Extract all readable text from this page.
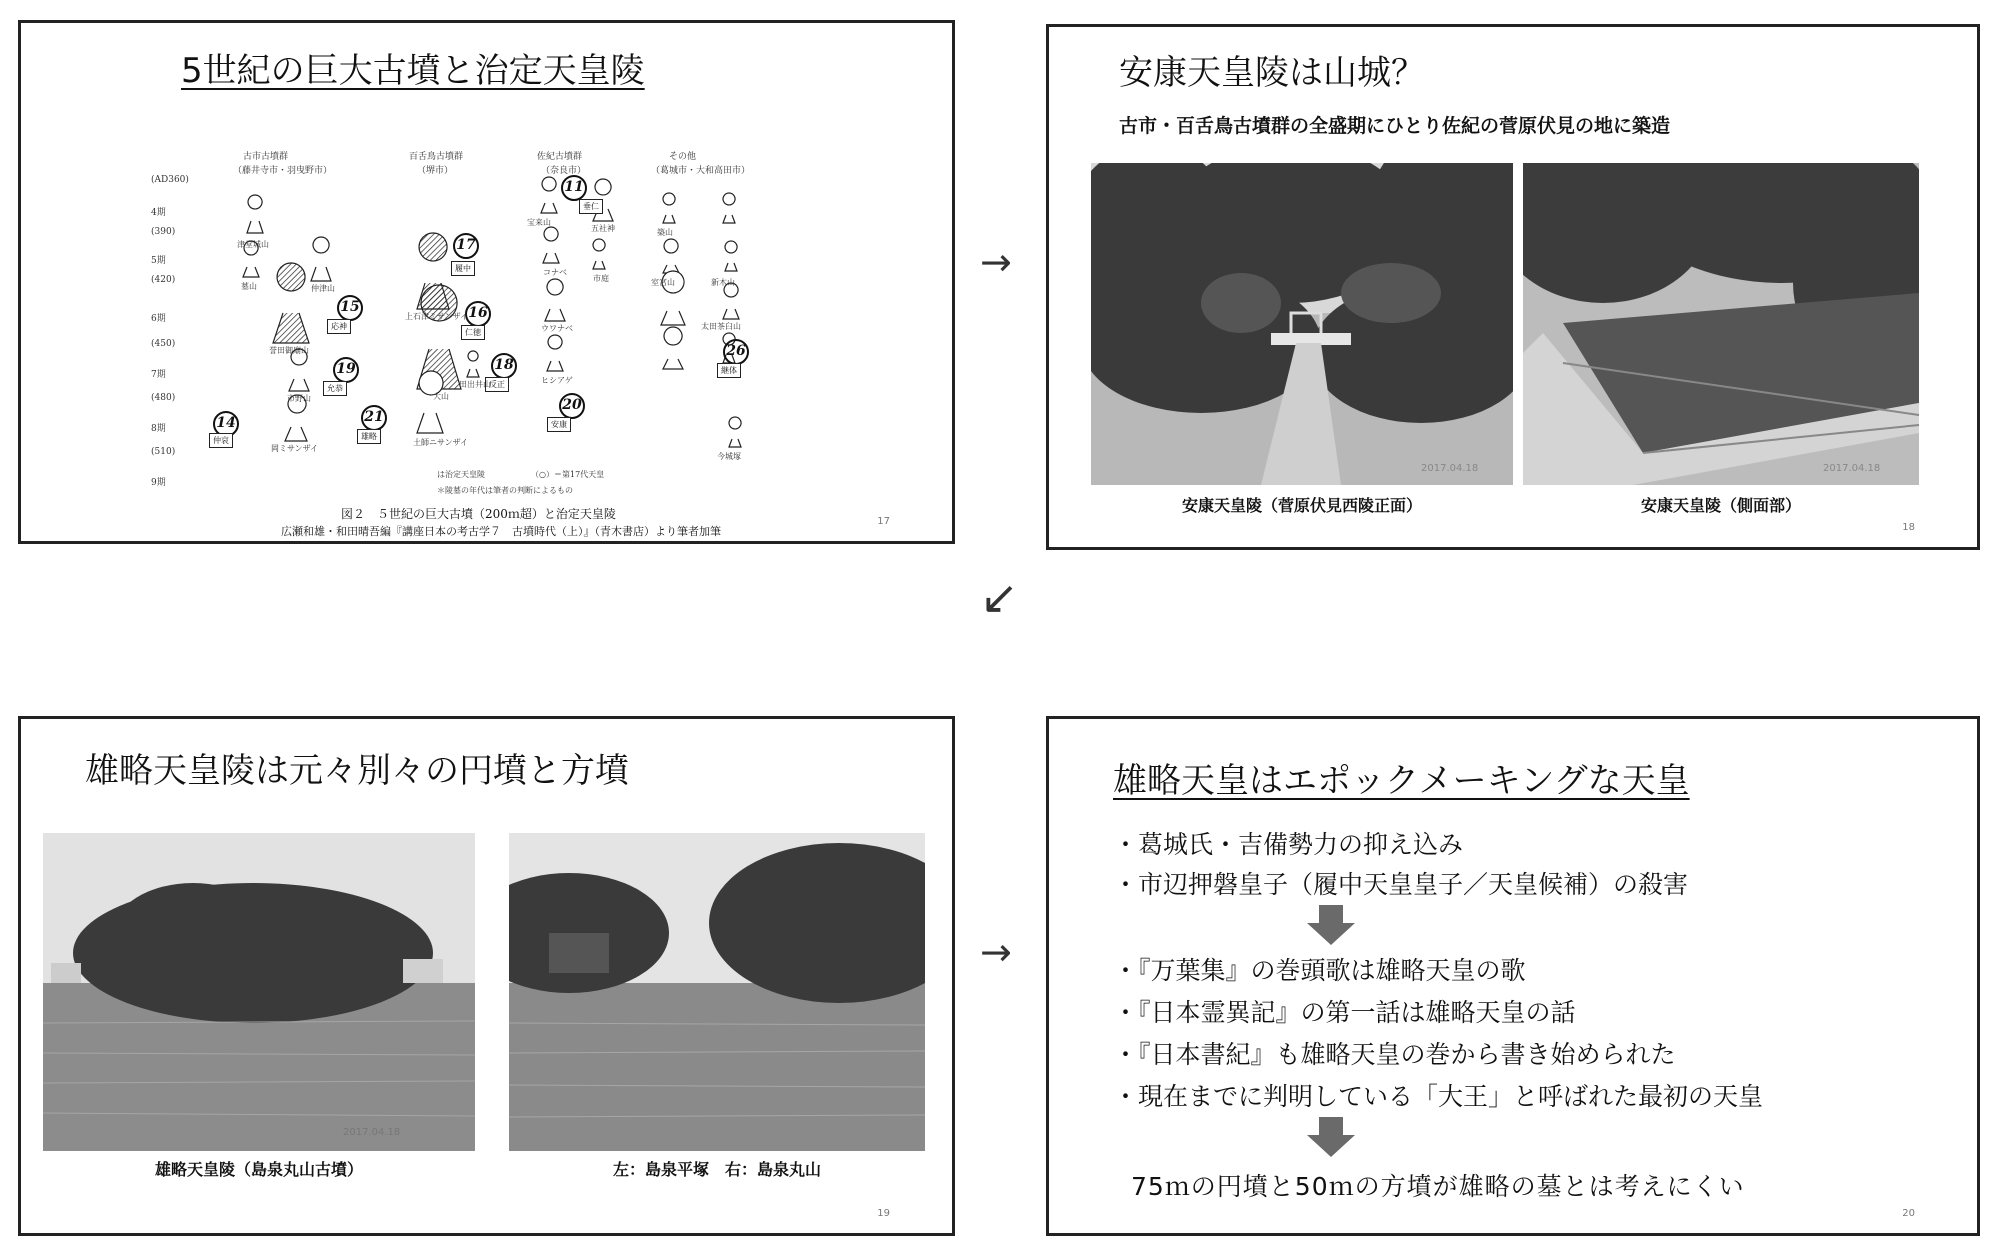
5世紀の巨大古墳と治定天皇陵
古市古墳群	百舌鳥古墳群	佐紀古墳群	その他
（藤井寺市・羽曳野市）	（堺市）	（奈良市）	（葛城市・大和高田市）
(AD360)
4期
(390)
5期
(420)
6期
(450)
7期
(480)
8期
(510)
9期
11
17
15	16
19	18
26
20
14	21
履中
応神
仁徳
允恭	反正
雄略
垂仁
安康
仲哀
継体
津堂城山
仲津山
墓山
誉田御廟山
市野山
岡ミサンザイ
上石津ミサンザイ
大山
田出井山
土師ニサンザイ
宝来山
五社神
コナベ
市庭
ウワナベ
ヒシアゲ
築山
室宮山	新木山
太田茶臼山
今城塚
は治定天皇陵	（○）＝第17代天皇
＊陵墓の年代は筆者の判断によるもの
図２　５世紀の巨大古墳（200ｍ超）と治定天皇陵
広瀬和雄・和田晴吾編『講座日本の考古学７　古墳時代（上）』（青木書店）より筆者加筆
17
→
安康天皇陵は山城？
古市・百舌鳥古墳群の全盛期にひとり佐紀の菅原伏見の地に築造
2017.04.18	2017.04.18
安康天皇陵（菅原伏見西陵正面）	安康天皇陵（側面部）
18
↙
雄略天皇陵は元々別々の円墳と方墳
2017.04.18
雄略天皇陵（島泉丸山古墳）	左：島泉平塚　右：島泉丸山
19
→
雄略天皇はエポックメーキングな天皇
・葛城氏・吉備勢力の抑え込み
・市辺押磐皇子（履中天皇皇子／天皇候補）の殺害
・『万葉集』の巻頭歌は雄略天皇の歌
・『日本霊異記』の第一話は雄略天皇の話
・『日本書紀』も雄略天皇の巻から書き始められた
・現在までに判明している「大王」と呼ばれた最初の天皇
75ｍの円墳と50ｍの方墳が雄略の墓とは考えにくい
20
